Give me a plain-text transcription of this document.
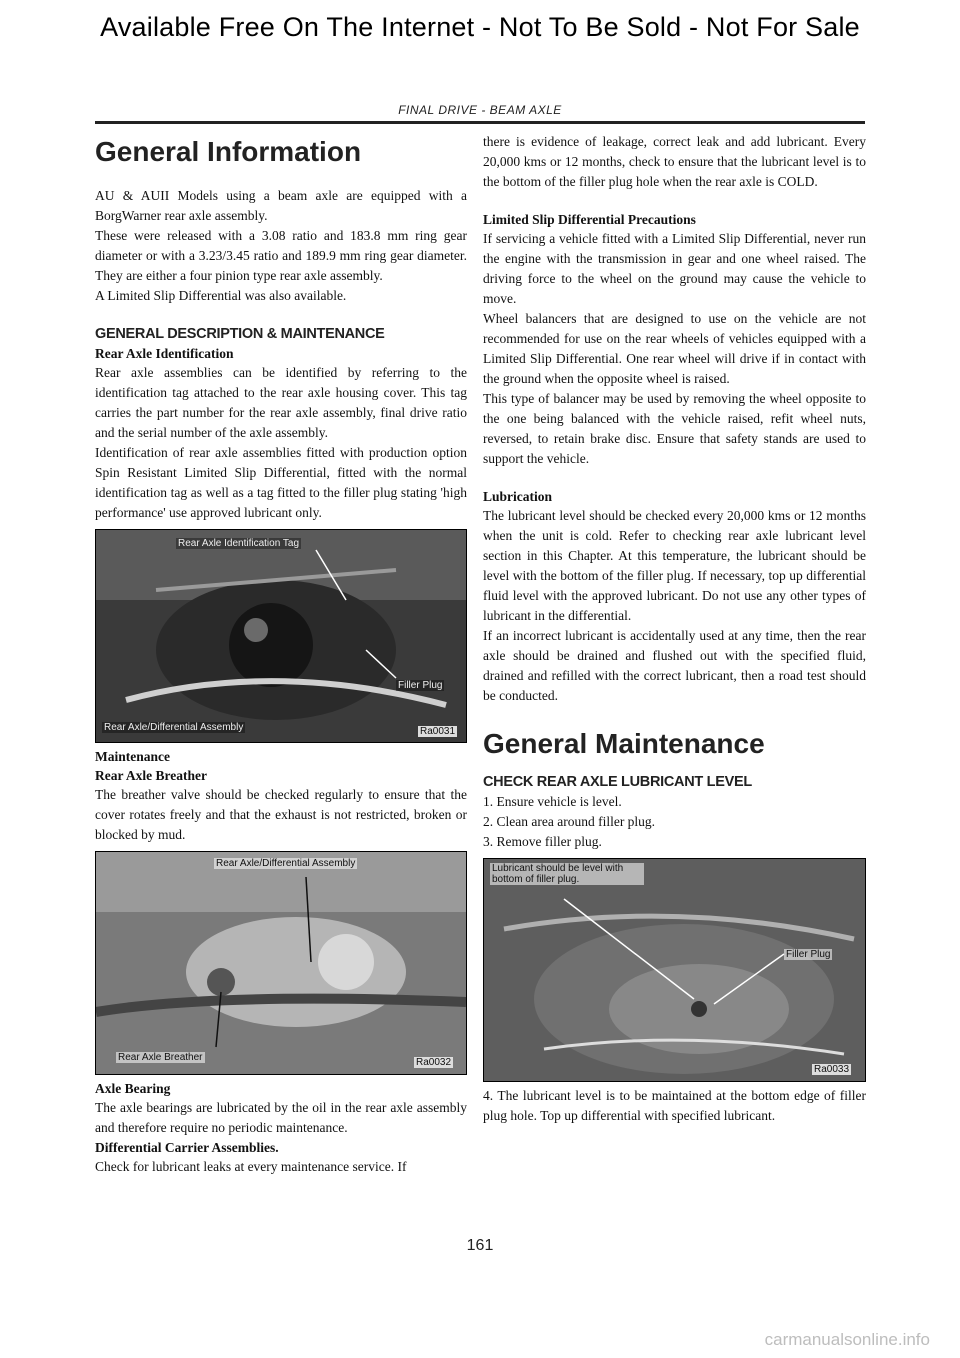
Available Free On The Internet - Not To Be Sold - Not For Sale
FINAL DRIVE - BEAM AXLE
General Information

AU & AUII Models using a beam axle are equipped with a BorgWarner rear axle assembly.

These were released with a 3.08 ratio and 183.8 mm ring gear diameter or with a 3.23/3.45 ratio and 189.9 mm ring gear diameter. They are either a four pinion type rear axle assembly.

A Limited Slip Differential was also available.

GENERAL DESCRIPTION & MAINTENANCE
Rear Axle Identification

Rear axle assemblies can be identified by referring to the identification tag attached to the rear axle housing cover. This tag carries the part number for the rear axle assembly, final drive ratio and the serial number of the axle assembly.

Identification of rear axle assemblies fitted with production option Spin Resistant Limited Slip Differential, fitted with the normal identification tag as well as a tag fitted to the filler plug stating 'high performance' use approved lubricant only.

Rear Axle Identification Tag
Filler Plug
Rear Axle/Differential Assembly	Ra0031
Maintenance
Rear Axle Breather

The breather valve should be checked regularly to ensure that the cover rotates freely and that the exhaust is not restricted, broken or blocked by mud.

Rear Axle/Differential Assembly
Rear Axle Breather	Ra0032
Axle Bearing

The axle bearings are lubricated by the oil in the rear axle assembly and therefore require no periodic maintenance.

Differential Carrier Assemblies.

Check for lubricant leaks at every maintenance service. If

there is evidence of leakage, correct leak and add lubricant. Every 20,000 kms or 12 months, check to ensure that the lubricant level is to the bottom of the filler plug hole when the rear axle is COLD.

Limited Slip Differential Precautions

If servicing a vehicle fitted with a Limited Slip Differential, never run the engine with the transmission in gear and one wheel raised. The driving force to the wheel on the ground may cause the vehicle to move.

Wheel balancers that are designed to use on the vehicle are not recommended for use on the rear wheels of vehicles equipped with a Limited Slip Differential. One rear wheel will drive if in contact with the ground when the opposite wheel is raised.

This type of balancer may be used by removing the wheel opposite to the one being balanced with the vehicle raised, refit wheel nuts, reversed, to retain brake disc. Ensure that safety stands are used to support the vehicle.

Lubrication

The lubricant level should be checked every 20,000 kms or 12 months when the unit is cold. Refer to checking rear axle lubricant level section in this Chapter. At this temperature, the lubricant should be level with the bottom of the filler plug. If necessary, top up differential fluid level with the approved lubricant. Do not use any other types of lubricant in the differential.

If an incorrect lubricant is accidentally used at any time, then the rear axle should be drained and flushed out with the specified fluid, drained and refilled with the correct lubricant, then a road test should be conducted.

General Maintenance
CHECK REAR AXLE LUBRICANT LEVEL

1. Ensure vehicle is level.

2. Clean area around filler plug.

3. Remove filler plug.

Lubricant should be level with bottom of filler plug.
Filler Plug
Ra0033

4. The lubricant level is to be maintained at the bottom edge of filler plug hole. Top up differential with specified lubricant.

161
carmanualsonline.info
